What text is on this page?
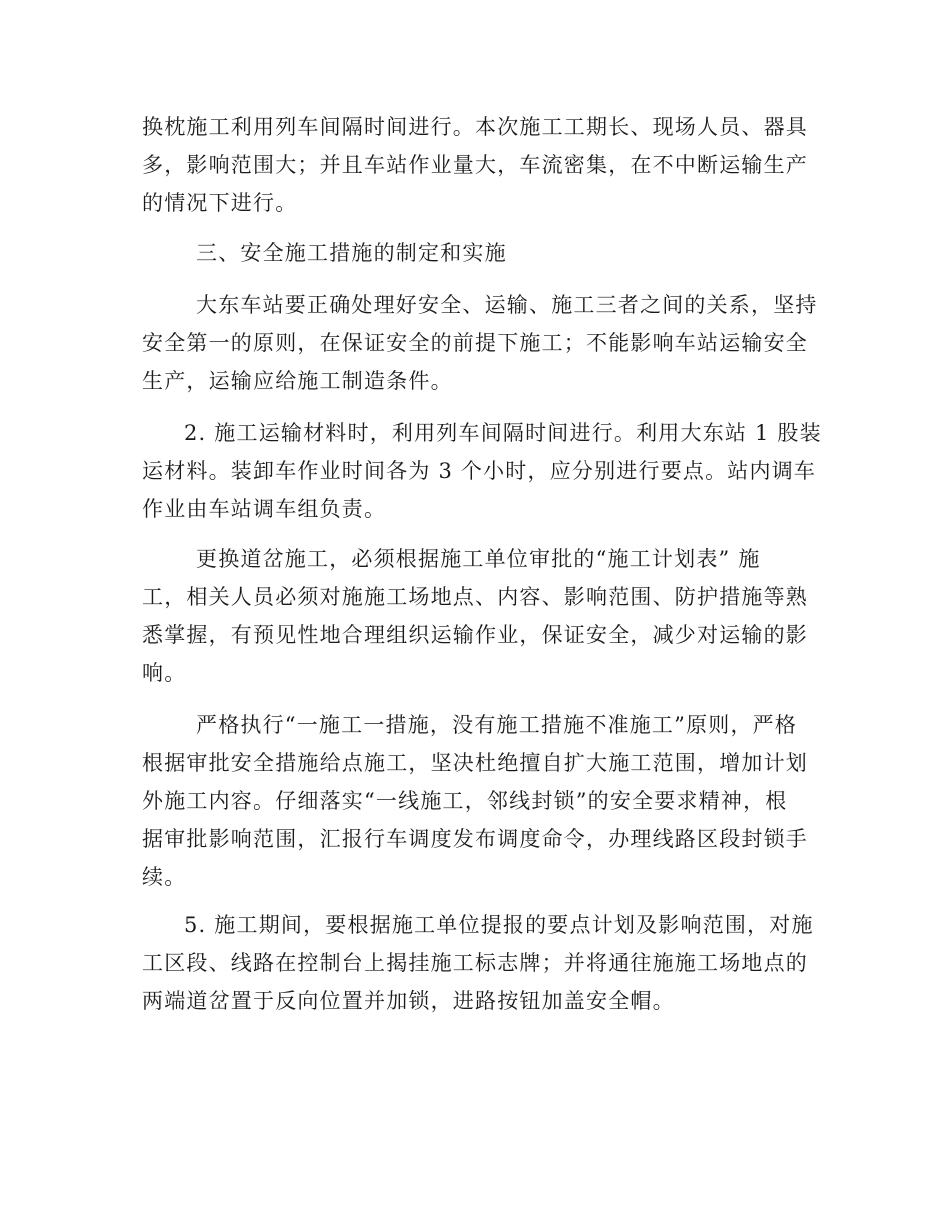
换枕施工利用列车间隔时间进行。本次施工工期长、现场人员、器具
多，影响范围大；并且车站作业量大，车流密集，在不中断运输生产
的情况下进行。
三、安全施工措施的制定和实施
大东车站要正确处理好安全、运输、施工三者之间的关系，坚持
安全第一的原则，在保证安全的前提下施工；不能影响车站运输安全
生产，运输应给施工制造条件。
2. 施工运输材料时，利用列车间隔时间进行。利用大东站 1 股装
运材料。装卸车作业时间各为 3 个小时，应分别进行要点。站内调车
作业由车站调车组负责。
更换道岔施工，必须根据施工单位审批的“施工计划表” 施
工，相关人员必须对施施工场地点、内容、影响范围、防护措施等熟
悉掌握，有预见性地合理组织运输作业，保证安全，减少对运输的影
响。
严格执行“一施工一措施，没有施工措施不准施工”原则，严格
根据审批安全措施给点施工，坚决杜绝擅自扩大施工范围，增加计划
外施工内容。仔细落实“一线施工，邻线封锁”的安全要求精神，根
据审批影响范围，汇报行车调度发布调度命令，办理线路区段封锁手
续。
5. 施工期间，要根据施工单位提报的要点计划及影响范围，对施
工区段、线路在控制台上揭挂施工标志牌；并将通往施施工场地点的
两端道岔置于反向位置并加锁，进路按钮加盖安全帽。
